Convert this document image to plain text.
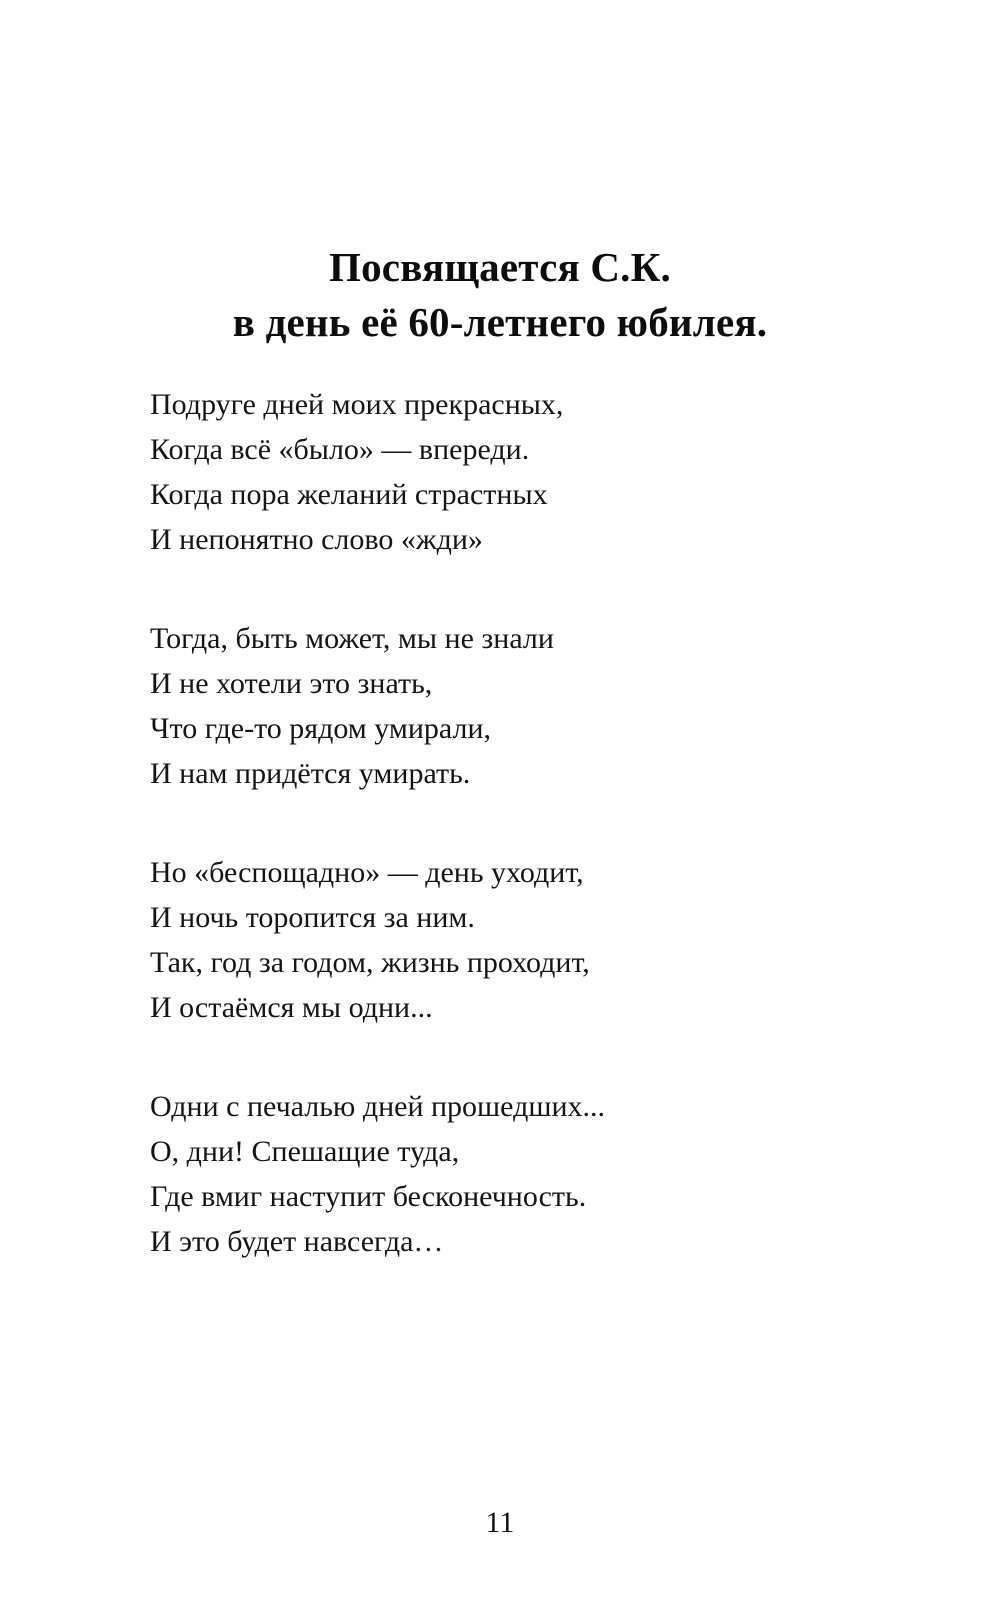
Посвящается С.К.
в день её 60-летнего юбилея.
Подруге дней моих прекрасных,
Когда всё «было» — впереди.
Когда пора желаний страстных
И непонятно слово «жди»
Тогда, быть может, мы не знали
И не хотели это знать,
Что где-то рядом умирали,
И нам придётся умирать.
Но «беспощадно» — день уходит,
И ночь торопится за ним.
Так, год за годом, жизнь проходит,
И остаёмся мы одни...
Одни с печалью дней прошедших...
О, дни! Спешащие туда,
Где вмиг наступит бесконечность.
И это будет навсегда…
11
